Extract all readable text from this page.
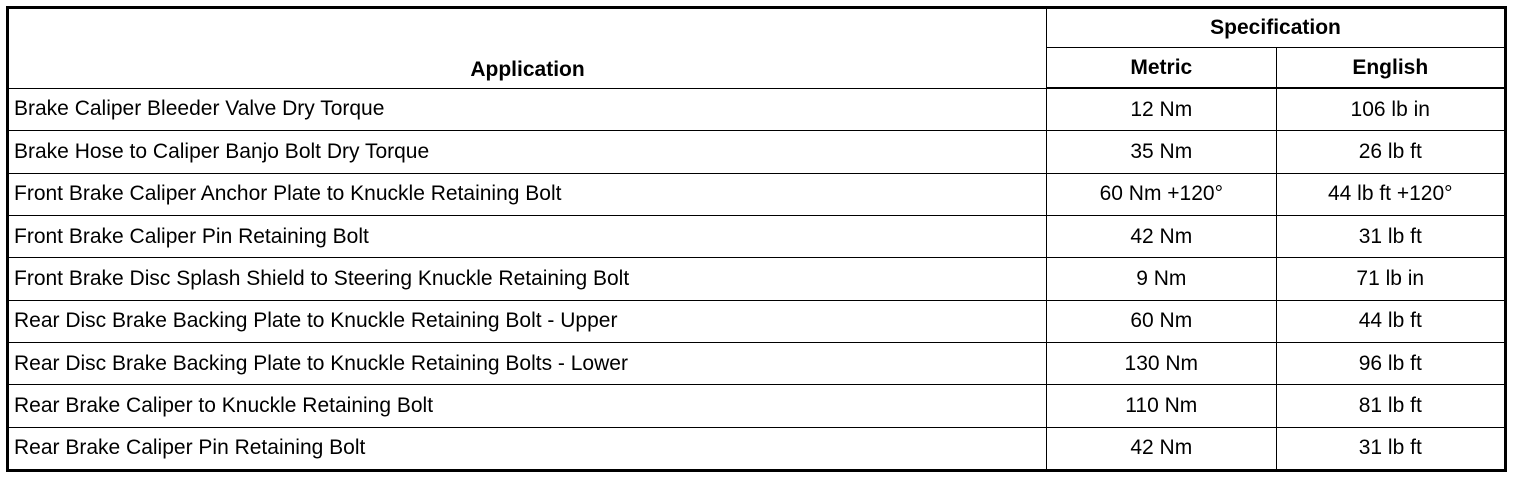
Application	Specification	
	Metric	English
Brake Caliper Bleeder Valve Dry Torque	12 Nm	106 lb in
Brake Hose to Caliper Banjo Bolt Dry Torque	35 Nm	26 lb ft
Front Brake Caliper Anchor Plate to Knuckle Retaining Bolt	60 Nm +120°	44 lb ft +120°
Front Brake Caliper Pin Retaining Bolt	42 Nm	31 lb ft
Front Brake Disc Splash Shield to Steering Knuckle Retaining Bolt	9 Nm	71 lb in
Rear Disc Brake Backing Plate to Knuckle Retaining Bolt - Upper	60 Nm	44 lb ft
Rear Disc Brake Backing Plate to Knuckle Retaining Bolts - Lower	130 Nm	96 lb ft
Rear Brake Caliper to Knuckle Retaining Bolt	110 Nm	81 lb ft
Rear Brake Caliper Pin Retaining Bolt	42 Nm	31 lb ft
